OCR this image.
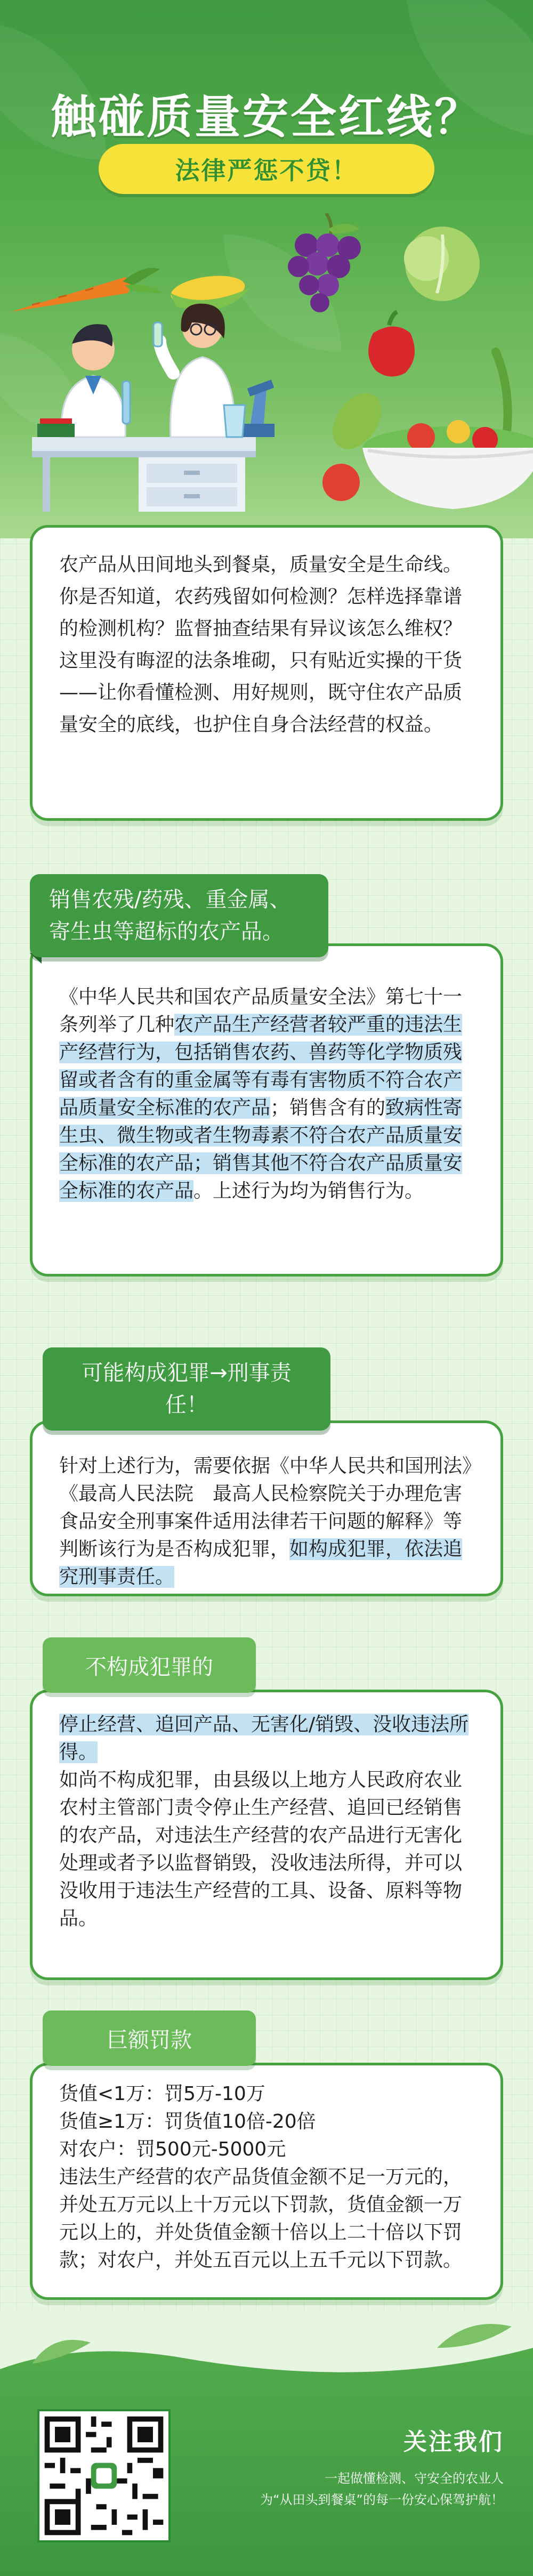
触碰质量安全红线？
法律严惩不贷！

农产品从田间地头到餐桌，质量安全是生命线。你是否知道，农药残留如何检测？怎样选择靠谱的检测机构？监督抽查结果有异议该怎么维权？这里没有晦涩的法条堆砌，只有贴近实操的干货——让你看懂检测、用好规则，既守住农产品质量安全的底线，也护住自身合法经营的权益。

《中华人民共和国农产品质量安全法》第七十一条列举了几种农产品生产经营者较严重的违法生产经营行为，包括销售农药、兽药等化学物质残留或者含有的重金属等有毒有害物质不符合农产品质量安全标准的农产品；销售含有的致病性寄生虫、微生物或者生物毒素不符合农产品质量安全标准的农产品；销售其他不符合农产品质量安全标准的农产品。上述行为均为销售行为。

销售农残/药残、重金属、
寄生虫等超标的农产品。

针对上述行为，需要依据《中华人民共和国刑法》《最高人民法院　最高人民检察院关于办理危害食品安全刑事案件适用法律若干问题的解释》等判断该行为是否构成犯罪，如构成犯罪，依法追究刑事责任。

可能构成犯罪→刑事责任！

停止经营、追回产品、无害化/销毁、没收违法所得。

如尚不构成犯罪，由县级以上地方人民政府农业农村主管部门责令停止生产经营、追回已经销售的农产品，对违法生产经营的农产品进行无害化处理或者予以监督销毁，没收违法所得，并可以没收用于违法生产经营的工具、设备、原料等物品。

不构成犯罪的

货值<1万：罚5万-10万

货值≥1万：罚货值10倍-20倍

对农户：罚500元-5000元

违法生产经营的农产品货值金额不足一万元的，并处五万元以上十万元以下罚款，货值金额一万元以上的，并处货值金额十倍以上二十倍以下罚款；对农户，并处五百元以上五千元以下罚款。

巨额罚款
关注我们
一起做懂检测、守安全的农业人
为“从田头到餐桌”的每一份安心保驾护航！
